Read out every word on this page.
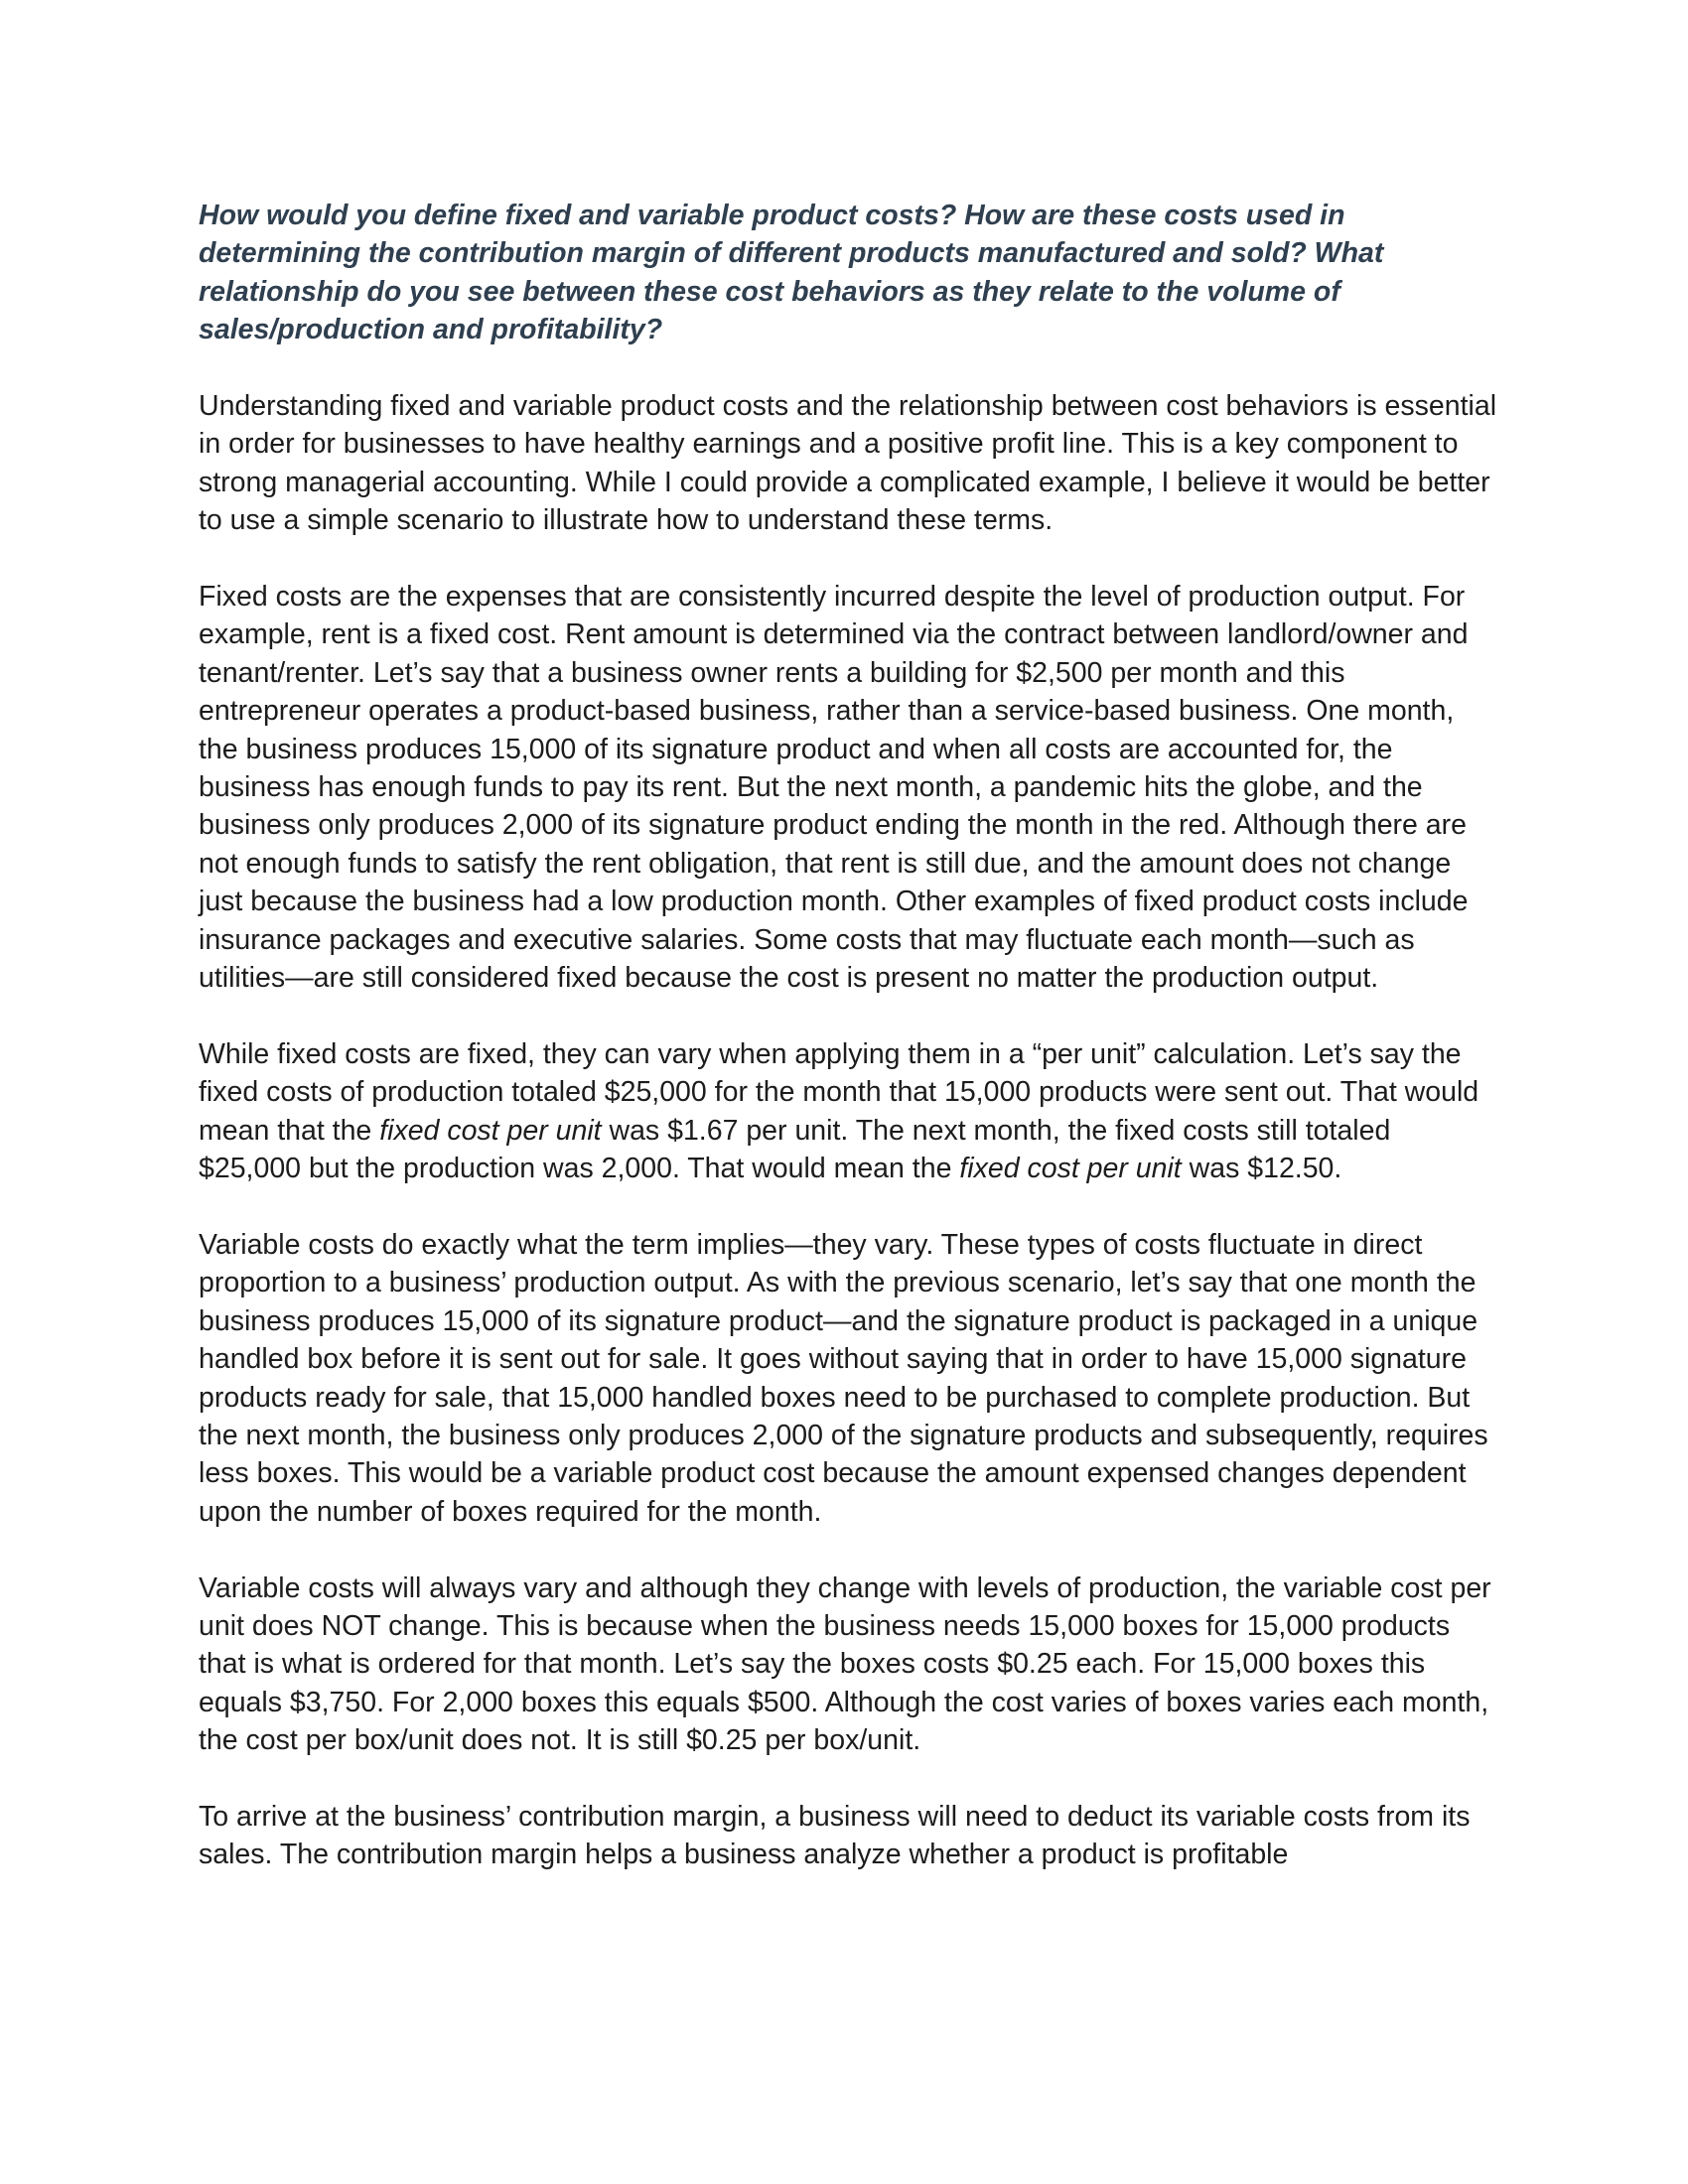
How would you define fixed and variable product costs? How are these costs used in determining the contribution margin of different products manufactured and sold? What relationship do you see between these cost behaviors as they relate to the volume of sales/production and profitability?

Understanding fixed and variable product costs and the relationship between cost behaviors is essential in order for businesses to have healthy earnings and a positive profit line. This is a key component to strong managerial accounting. While I could provide a complicated example, I believe it would be better to use a simple scenario to illustrate how to understand these terms.

Fixed costs are the expenses that are consistently incurred despite the level of production output. For example, rent is a fixed cost. Rent amount is determined via the contract between landlord/owner and tenant/renter. Let’s say that a business owner rents a building for $2,500 per month and this entrepreneur operates a product-based business, rather than a service-based business. One month, the business produces 15,000 of its signature product and when all costs are accounted for, the business has enough funds to pay its rent. But the next month, a pandemic hits the globe, and the business only produces 2,000 of its signature product ending the month in the red. Although there are not enough funds to satisfy the rent obligation, that rent is still due, and the amount does not change just because the business had a low production month. Other examples of fixed product costs include insurance packages and executive salaries. Some costs that may fluctuate each month—such as utilities—are still considered fixed because the cost is present no matter the production output.

While fixed costs are fixed, they can vary when applying them in a “per unit” calculation. Let’s say the fixed costs of production totaled $25,000 for the month that 15,000 products were sent out. That would mean that the fixed cost per unit was $1.67 per unit. The next month, the fixed costs still totaled $25,000 but the production was 2,000. That would mean the fixed cost per unit was $12.50.

Variable costs do exactly what the term implies—they vary. These types of costs fluctuate in direct proportion to a business’ production output. As with the previous scenario, let’s say that one month the business produces 15,000 of its signature product—and the signature product is packaged in a unique handled box before it is sent out for sale. It goes without saying that in order to have 15,000 signature products ready for sale, that 15,000 handled boxes need to be purchased to complete production. But the next month, the business only produces 2,000 of the signature products and subsequently, requires less boxes. This would be a variable product cost because the amount expensed changes dependent upon the number of boxes required for the month.

Variable costs will always vary and although they change with levels of production, the variable cost per unit does NOT change. This is because when the business needs 15,000 boxes for 15,000 products that is what is ordered for that month. Let’s say the boxes costs $0.25 each. For 15,000 boxes this equals $3,750. For 2,000 boxes this equals $500. Although the cost varies of boxes varies each month, the cost per box/unit does not. It is still $0.25 per box/unit.

To arrive at the business’ contribution margin, a business will need to deduct its variable costs from its sales. The contribution margin helps a business analyze whether a product is profitable
